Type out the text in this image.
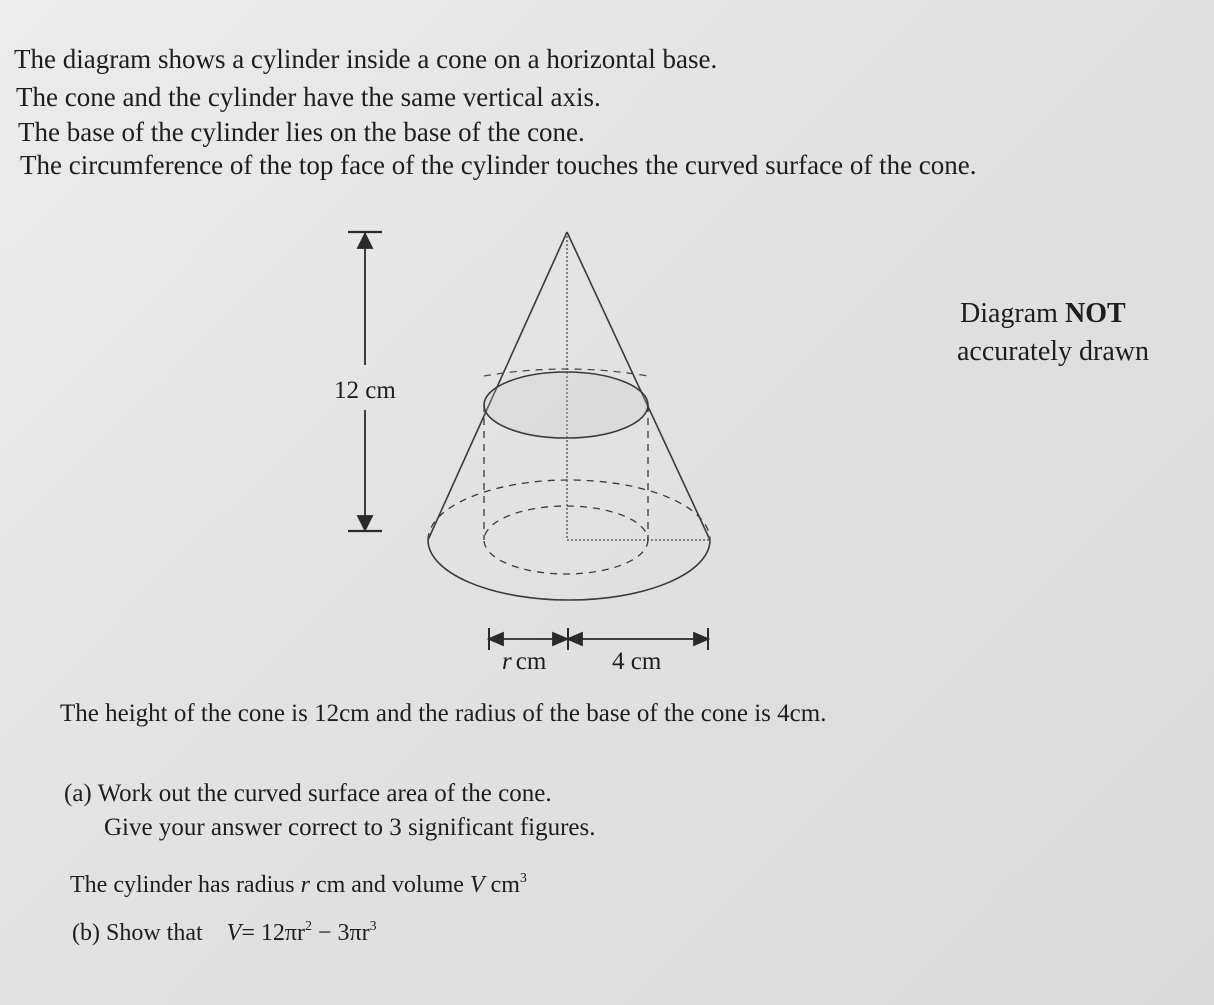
The diagram shows a cylinder inside a cone on a horizontal base.
The cone and the cylinder have the same vertical axis.
The base of the cylinder lies on the base of the cone.
The circumference of the top face of the cylinder touches the curved surface of the cone.
12 cm
r cm	4 cm
Diagram NOT
accurately drawn
The height of the cone is 12cm and the radius of the base of the cone is 4cm.
(a) Work out the curved surface area of the cone.
Give your answer correct to 3 significant figures.
The cylinder has radius r cm and volume V $cm^3$
(b) Show that $V= 12\pi r^2 - 3\pi r^3$
